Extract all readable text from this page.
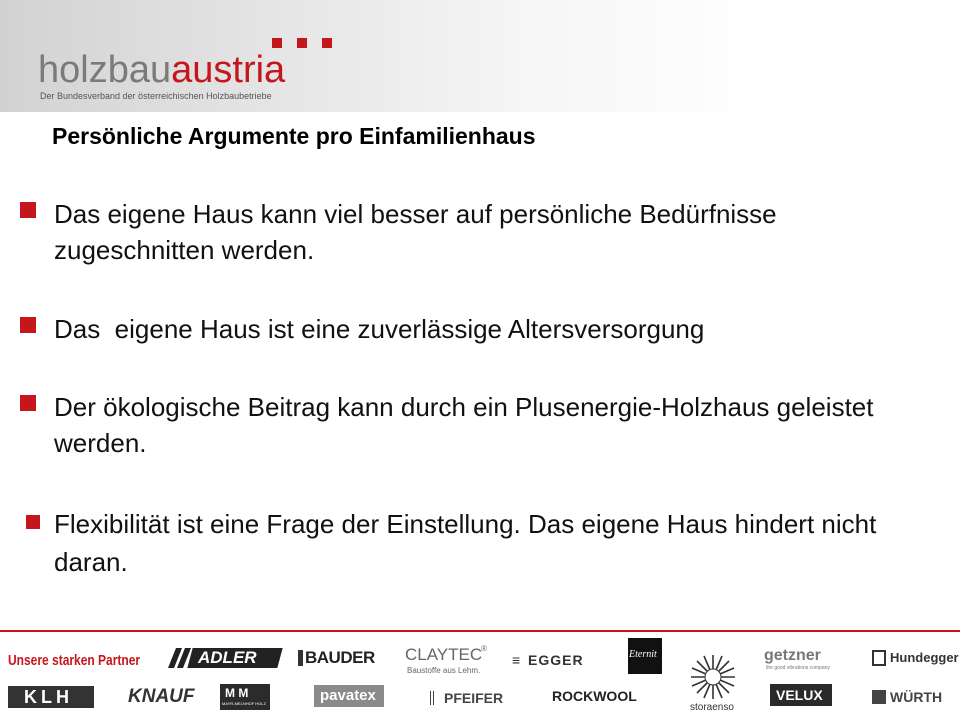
holzbauaustria
Der Bundesverband der österreichischen Holzbaubetriebe
Persönliche Argumente pro Einfamilienhaus
Das eigene Haus kann viel besser auf persönliche Bedürfnisse zugeschnitten werden.
Das  eigene Haus ist eine zuverlässige Altersversorgung
Der ökologische Beitrag kann durch ein Plusenergie-Holzhaus geleistet werden.
Flexibilität ist eine Frage der Einstellung. Das eigene Haus hindert nicht daran.
Unsere starken Partner	ADLER	BAUDER CLAYTEC
®
Baustoffe aus Lehm.
≡ EGGER	Eternit	getzner
the good vibrations company
Hundegger
KLH	KNAUF	M M
MAYR-MELNHOF HOLZ	pavatex	PFEIFER	ROCKWOOL
storaenso
VELUX	WÜRTH
